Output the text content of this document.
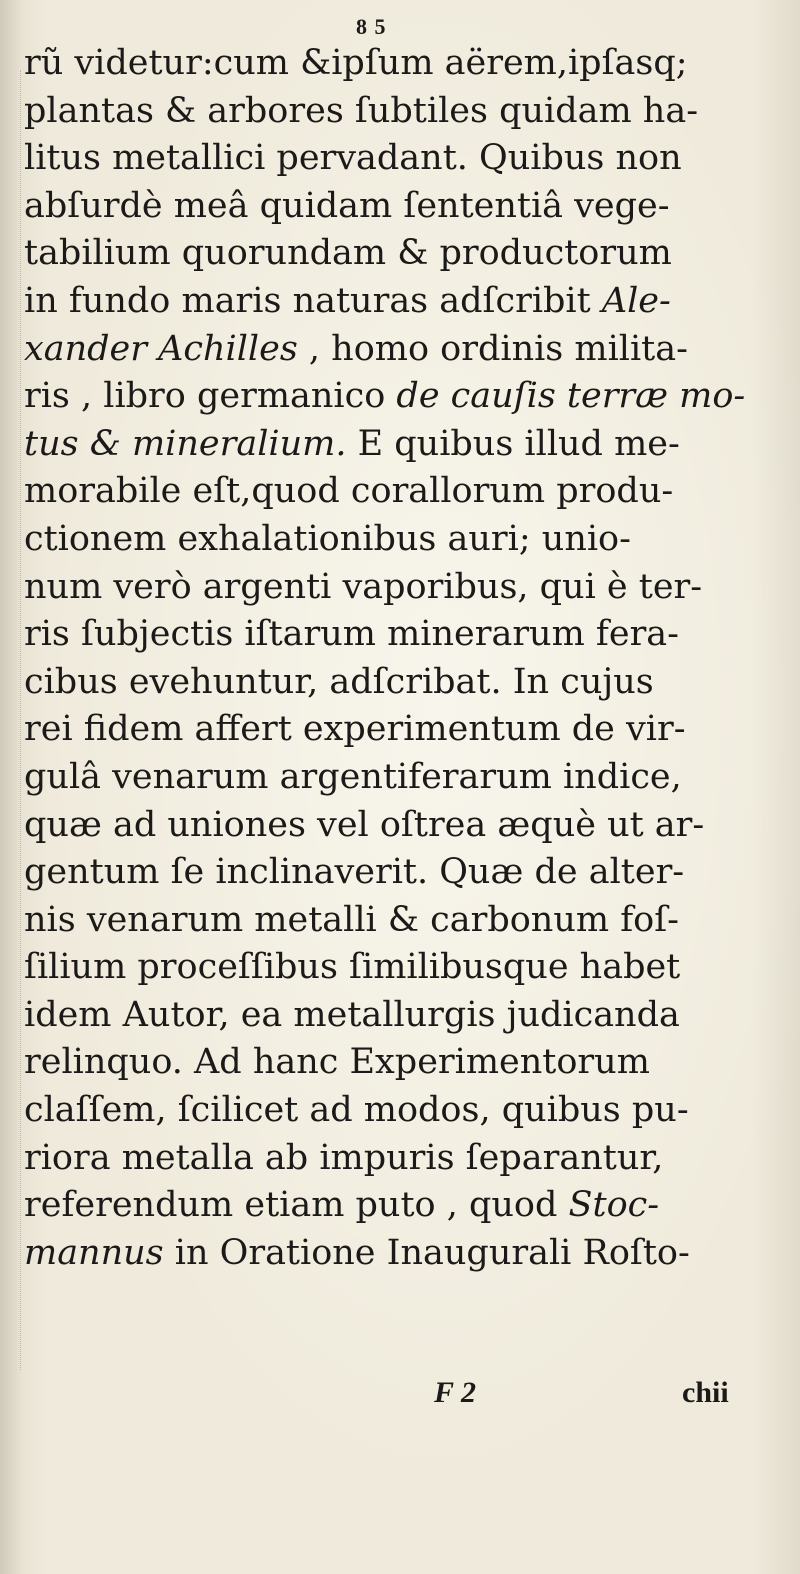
8 5
rũ videtur:cum &ipſum aërem,ipſasq;
plantas & arbores ſubtiles quidam ha-
litus metallici pervadant. Quibus non
abſurdè meâ quidam ſententiâ vege-
tabilium quorundam & productorum
in fundo maris naturas adſcribit Ale-
xander Achilles , homo ordinis milita-
ris , libro germanico de cauſis terræ mo-
tus & mineralium. E quibus illud me-
morabile eſt,quod corallorum produ-
ctionem exhalationibus auri; unio-
num verò argenti vaporibus, qui è ter-
ris ſubjectis iſtarum minerarum fera-
cibus evehuntur, adſcribat. In cujus
rei fidem affert experimentum de vir-
gulâ venarum argentiferarum indice,
quæ ad uniones vel oſtrea æquè ut ar-
gentum ſe inclinaverit. Quæ de alter-
nis venarum metalli & carbonum foſ-
ſilium proceſſibus ſimilibusque habet
idem Autor, ea metallurgis judicanda
relinquo. Ad hanc Experimentorum
claſſem, ſcilicet ad modos, quibus pu-
riora metalla ab impuris ſeparantur,
referendum etiam puto , quod Stoc-
mannus in Oratione Inaugurali Roſto-
F 2	chii
